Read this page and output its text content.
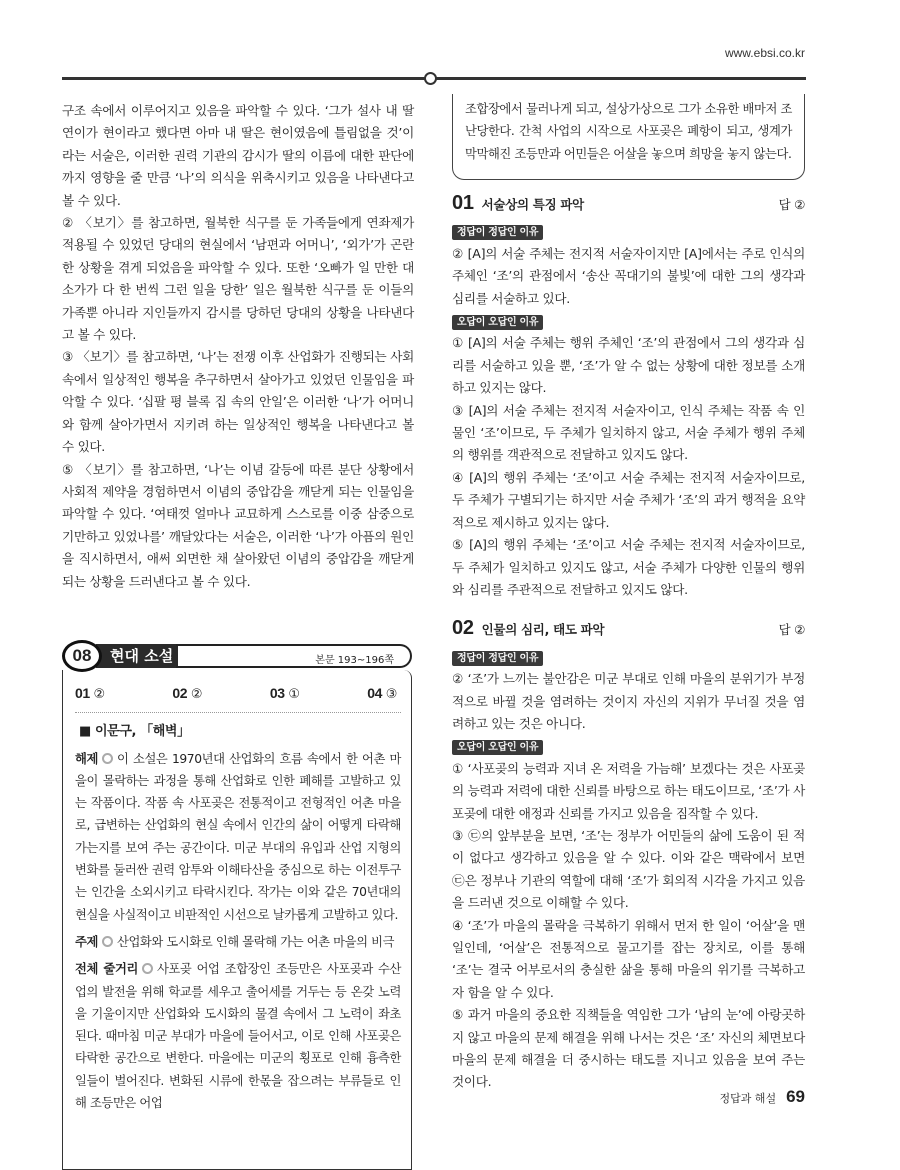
www.ebsi.co.kr

구조 속에서 이루어지고 있음을 파악할 수 있다. ‘그가 설사 내 딸 연이가 현이라고 했다면 아마 내 딸은 현이였음에 틀림없을 것’이라는 서술은, 이러한 권력 기관의 감시가 딸의 이름에 대한 판단에까지 영향을 줄 만큼 ‘나’의 의식을 위축시키고 있음을 나타낸다고 볼 수 있다.

② 〈보기〉를 참고하면, 월북한 식구를 둔 가족들에게 연좌제가 적용될 수 있었던 당대의 현실에서 ‘남편과 어머니’, ‘외가’가 곤란한 상황을 겪게 되었음을 파악할 수 있다. 또한 ‘오빠가 일 만한 대소가가 다 한 번씩 그런 일을 당한’ 일은 월북한 식구를 둔 이들의 가족뿐 아니라 지인들까지 감시를 당하던 당대의 상황을 나타낸다고 볼 수 있다.

③ 〈보기〉를 참고하면, ‘나’는 전쟁 이후 산업화가 진행되는 사회 속에서 일상적인 행복을 추구하면서 살아가고 있었던 인물임을 파악할 수 있다. ‘십팔 평 블록 집 속의 안일’은 이러한 ‘나’가 어머니와 함께 살아가면서 지키려 하는 일상적인 행복을 나타낸다고 볼 수 있다.

⑤ 〈보기〉를 참고하면, ‘나’는 이념 갈등에 따른 분단 상황에서 사회적 제약을 경험하면서 이념의 중압감을 깨닫게 되는 인물임을 파악할 수 있다. ‘여태껏 얼마나 교묘하게 스스로를 이중 삼중으로 기만하고 있었나를’ 깨달았다는 서술은, 이러한 ‘나’가 아픔의 원인을 직시하면서, 애써 외면한 채 살아왔던 이념의 중압감을 깨닫게 되는 상황을 드러낸다고 볼 수 있다.

08	현대 소설	본문 193~196쪽
01 ②	02 ②	03 ①	04 ③
■ 이문구, 「해벽」

해제 이 소설은 1970년대 산업화의 흐름 속에서 한 어촌 마을이 몰락하는 과정을 통해 산업화로 인한 폐해를 고발하고 있는 작품이다. 작품 속 사포곶은 전통적이고 전형적인 어촌 마을로, 급변하는 산업화의 현실 속에서 인간의 삶이 어떻게 타락해 가는지를 보여 주는 공간이다. 미군 부대의 유입과 산업 지형의 변화를 둘러싼 권력 암투와 이해타산을 중심으로 하는 이전투구는 인간을 소외시키고 타락시킨다. 작가는 이와 같은 70년대의 현실을 사실적이고 비판적인 시선으로 날카롭게 고발하고 있다.

주제 산업화와 도시화로 인해 몰락해 가는 어촌 마을의 비극

전체 줄거리 사포곶 어업 조합장인 조등만은 사포곶과 수산업의 발전을 위해 학교를 세우고 출어세를 거두는 등 온갖 노력을 기울이지만 산업화와 도시화의 물결 속에서 그 노력이 좌초된다. 때마침 미군 부대가 마을에 들어서고, 이로 인해 사포곶은 타락한 공간으로 변한다. 마을에는 미군의 횡포로 인해 흉측한 일들이 벌어진다. 변화된 시류에 한몫을 잡으려는 부류들로 인해 조등만은 어업

조합장에서 물러나게 되고, 설상가상으로 그가 소유한 배마저 조난당한다. 간척 사업의 시작으로 사포곶은 폐항이 되고, 생계가 막막해진 조등만과 어민들은 어살을 놓으며 희망을 놓지 않는다.
01 서술상의 특징 파악	답 ②
정답이 정답인 이유

② [A]의 서술 주체는 전지적 서술자이지만 [A]에서는 주로 인식의 주체인 ‘조’의 관점에서 ‘송산 꼭대기의 불빛’에 대한 그의 생각과 심리를 서술하고 있다.

오답이 오답인 이유

① [A]의 서술 주체는 행위 주체인 ‘조’의 관점에서 그의 생각과 심리를 서술하고 있을 뿐, ‘조’가 알 수 없는 상황에 대한 정보를 소개하고 있지는 않다.

③ [A]의 서술 주체는 전지적 서술자이고, 인식 주체는 작품 속 인물인 ‘조’이므로, 두 주체가 일치하지 않고, 서술 주체가 행위 주체의 행위를 객관적으로 전달하고 있지도 않다.

④ [A]의 행위 주체는 ‘조’이고 서술 주체는 전지적 서술자이므로, 두 주체가 구별되기는 하지만 서술 주체가 ‘조’의 과거 행적을 요약적으로 제시하고 있지는 않다.

⑤ [A]의 행위 주체는 ‘조’이고 서술 주체는 전지적 서술자이므로, 두 주체가 일치하고 있지도 않고, 서술 주체가 다양한 인물의 행위와 심리를 주관적으로 전달하고 있지도 않다.

02 인물의 심리, 태도 파악	답 ②
정답이 정답인 이유

② ‘조’가 느끼는 불안감은 미군 부대로 인해 마을의 분위기가 부정적으로 바뀔 것을 염려하는 것이지 자신의 지위가 무너질 것을 염려하고 있는 것은 아니다.

오답이 오답인 이유

① ‘사포곶의 능력과 지녀 온 저력을 가늠해’ 보겠다는 것은 사포곶의 능력과 저력에 대한 신뢰를 바탕으로 하는 태도이므로, ‘조’가 사포곶에 대한 애정과 신뢰를 가지고 있음을 짐작할 수 있다.

③ ㉢의 앞부분을 보면, ‘조’는 정부가 어민들의 삶에 도움이 된 적이 없다고 생각하고 있음을 알 수 있다. 이와 같은 맥락에서 보면 ㉢은 정부나 기관의 역할에 대해 ‘조’가 회의적 시각을 가지고 있음을 드러낸 것으로 이해할 수 있다.

④ ‘조’가 마을의 몰락을 극복하기 위해서 먼저 한 일이 ‘어살’을 맨 일인데, ‘어살’은 전통적으로 물고기를 잡는 장치로, 이를 통해 ‘조’는 결국 어부로서의 충실한 삶을 통해 마을의 위기를 극복하고자 함을 알 수 있다.

⑤ 과거 마을의 중요한 직책들을 역임한 그가 ‘남의 눈’에 아랑곳하지 않고 마을의 문제 해결을 위해 나서는 것은 ‘조’ 자신의 체면보다 마을의 문제 해결을 더 중시하는 태도를 지니고 있음을 보여 주는 것이다.

정답과 해설 69
